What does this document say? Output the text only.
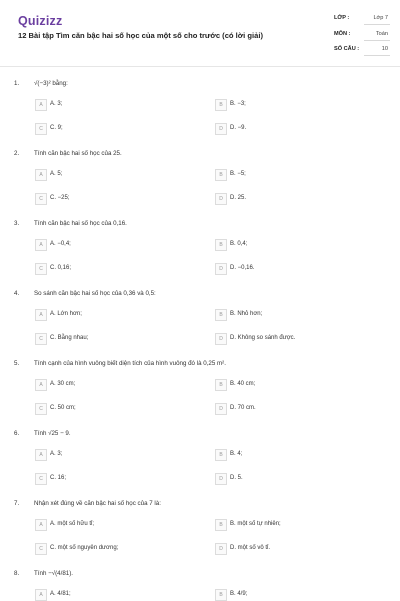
Quizizz
12 Bài tập Tìm căn bậc hai số học của một số cho trước (có lời giải)
LỚP :	Lớp 7
MÔN :	Toán
SỐ CÂU :	10
1. √(−3)² bằng:
A	A. 3;	B	B. −3;
C	C. 9;	D	D. −9.
2. Tính căn bậc hai số học của 25.
A	A. 5;	B	B. −5;
C	C. −25;	D	D. 25.
3. Tính căn bậc hai số học của 0,16.
A	A. −0,4;	B	B. 0,4;
C	C. 0,16;	D	D. −0,16.
4. So sánh căn bậc hai số học của 0,36 và 0,5:
A	A. Lớn hơn;	B	B. Nhỏ hơn;
C	C. Bằng nhau;	D	D. Không so sánh được.
5. Tính cạnh của hình vuông biết diện tích của hình vuông đó là 0,25 m².
A	A. 30 cm;	B	B. 40 cm;
C	C. 50 cm;	D	D. 70 cm.
6. Tính √25 − 9.
A	A. 3;	B	B. 4;
C	C. 16;	D	D. 5.
7. Nhận xét đúng về căn bậc hai số học của 7 là:
A	A. một số hữu tỉ;	B	B. một số tự nhiên;
C	C. một số nguyên dương;	D	D. một số vô tỉ.
8. Tính −√(4/81).
A	A. 4/81;	B	B. 4/9;
